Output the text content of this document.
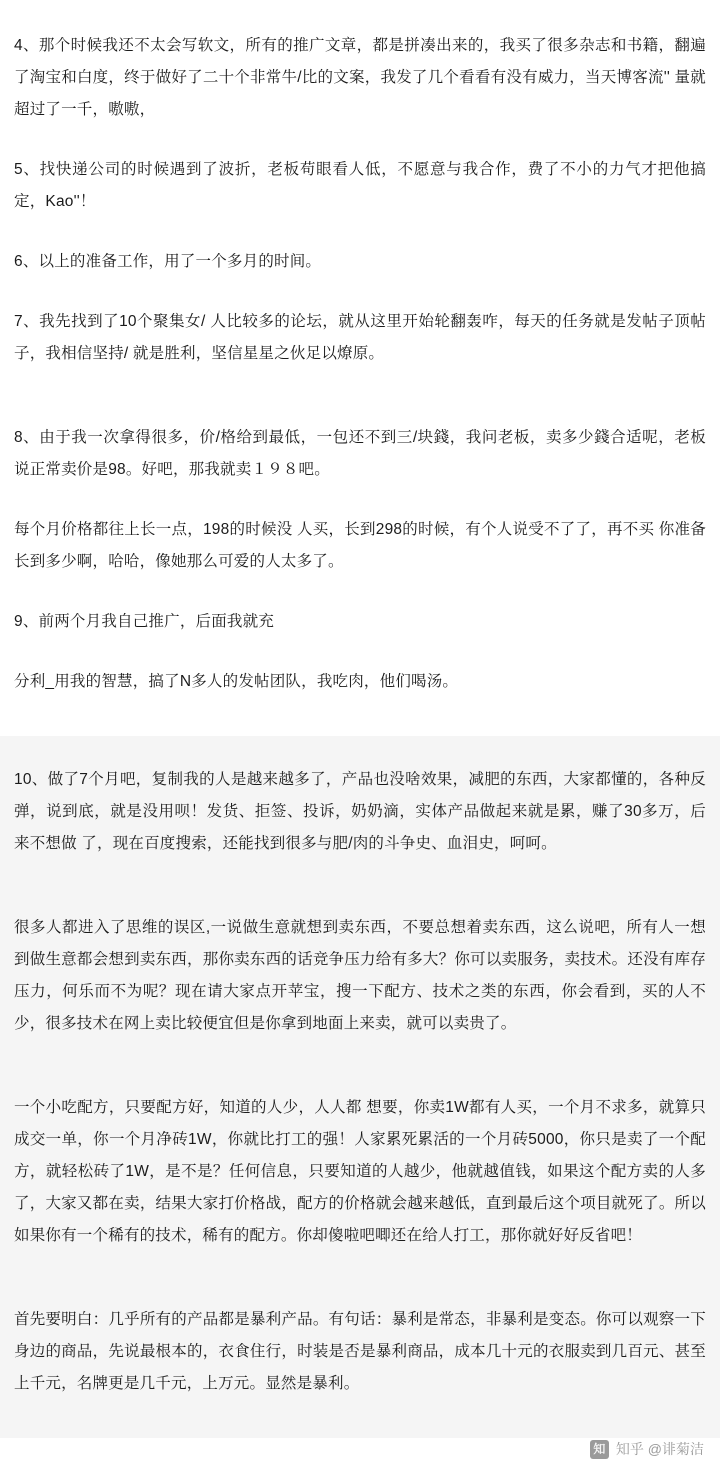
4、那个时候我还不太会写软文，所有的推广文章，都是拼凑出来的，我买了很多杂志和书籍，翻遍了淘宝和白度，终于做好了二十个非常牛/比的文案，我发了几个看看有没有威力，当天博客流'' 量就超过了一千，嗷嗷，

5、找快递公司的时候遇到了波折，老板苟眼看人低，不愿意与我合作，费了不小的力气才把他搞定，Kao''！

6、以上的准备工作，用了一个多月的时间。

7、我先找到了10个聚集女/ 人比较多的论坛，就从这里开始轮翻轰咋，每天的任务就是发帖子顶帖子，我相信坚持/ 就是胜利，坚信星星之伙足以燎原。

8、由于我一次拿得很多，价/格给到最低，一包还不到三/块錢，我问老板，卖多少錢合适呢，老板说正常卖价是98。好吧，那我就卖１９８吧。

每个月价格都往上长一点，198的时候没 人买，长到298的时候，有个人说受不了了，再不买 你准备长到多少啊，哈哈，像她那么可爱的人太多了。

9、前两个月我自己推广，后面我就充

分利_用我的智慧，搞了N多人的发帖团队，我吃肉，他们喝汤。

10、做了7个月吧，复制我的人是越来越多了，产品也没啥效果，减肥的东西，大家都懂的，各种反弹，说到底，就是没用呗！发货、拒签、投诉，奶奶滴，实体产品做起来就是累，赚了30多万，后来不想做 了，现在百度搜索，还能找到很多与肥/肉的斗争史、血泪史，呵呵。

很多人都进入了思维的误区,一说做生意就想到卖东西，不要总想着卖东西，这么说吧，所有人一想到做生意都会想到卖东西，那你卖东西的话竞争压力给有多大？你可以卖服务，卖技术。还没有库存压力，何乐而不为呢？现在请大家点开苹宝，搜一下配方、技术之类的东西，你会看到，买的人不少，很多技术在网上卖比较便宜但是你拿到地面上来卖，就可以卖贵了。

一个小吃配方，只要配方好，知道的人少，人人都 想要，你卖1W都有人买，一个月不求多，就算只成交一单，你一个月净砖1W，你就比打工的强！人家累死累活的一个月砖5000，你只是卖了一个配方，就轻松砖了1W，是不是？任何信息，只要知道的人越少，他就越值钱，如果这个配方卖的人多了，大家又都在卖，结果大家打价格战，配方的价格就会越来越低，直到最后这个项目就死了。所以如果你有一个稀有的技术，稀有的配方。你却傻啦吧唧还在给人打工，那你就好好反省吧！

首先要明白：几乎所有的产品都是暴利产品。有句话：暴利是常态，非暴利是变态。你可以观察一下身边的商品，先说最根本的，衣食住行，时装是否是暴利商品，成本几十元的衣服卖到几百元、甚至上千元，名牌更是几千元，上万元。显然是暴利。

知 知乎 @诽菊洁
